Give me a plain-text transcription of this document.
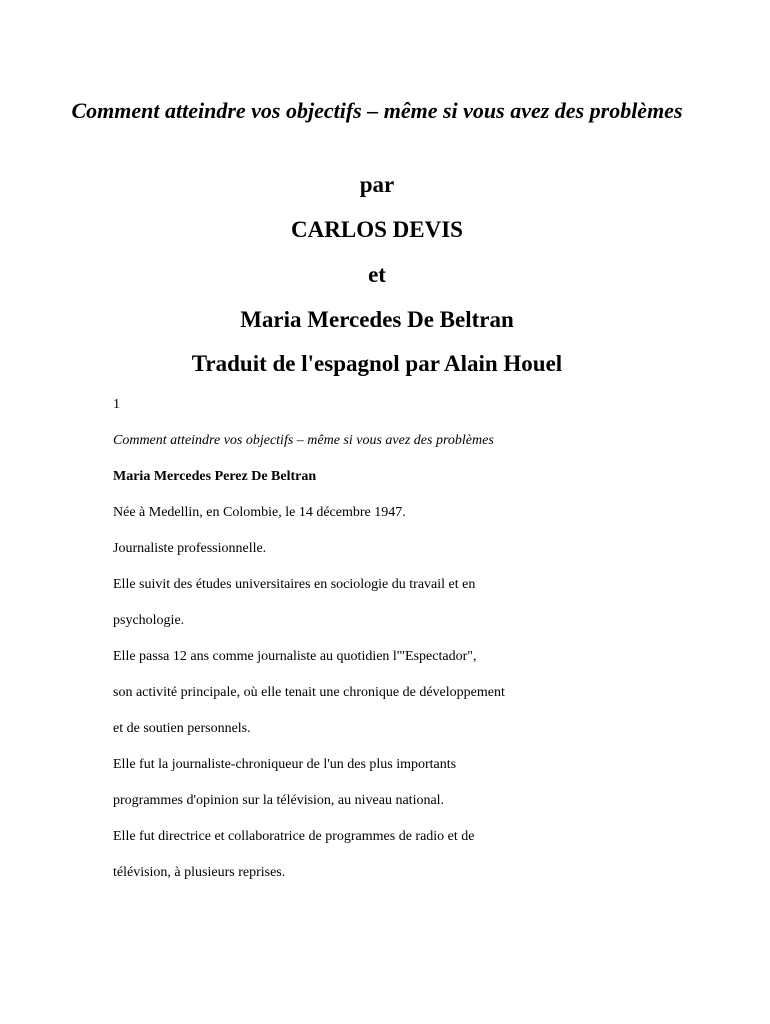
Comment atteindre vos objectifs – même si vous avez des problèmes
par
CARLOS DEVIS
et
Maria Mercedes De Beltran
Traduit de l'espagnol par Alain Houel

1

Comment atteindre vos objectifs – même si vous avez des problèmes

Maria Mercedes Perez De Beltran

Née à Medellin, en Colombie, le 14 décembre 1947.

Journaliste professionnelle.

Elle suivit des études universitaires en sociologie du travail et en

psychologie.

Elle passa 12 ans comme journaliste au quotidien l'"Espectador",

son activité principale, où elle tenait une chronique de développement

et de soutien personnels.

Elle fut la journaliste-chroniqueur de l'un des plus importants

programmes d'opinion sur la télévision, au niveau national.

Elle fut directrice et collaboratrice de programmes de radio et de

télévision, à plusieurs reprises.
